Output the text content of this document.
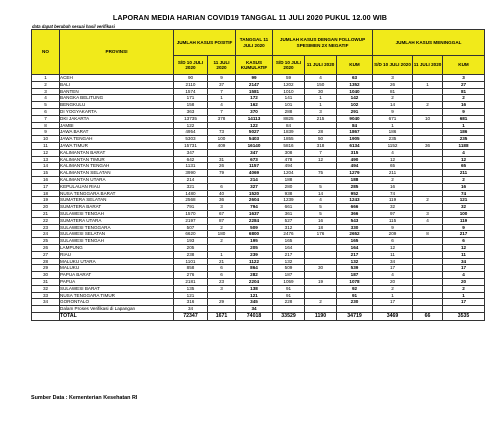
LAPORAN MEDIA HARIAN COVID19 TANGGAL 11 JULI 2020 PUKUL 12.00 WIB
data dapat berubah sesuai hasil verifikasi
NO	PROVINSI	JUMLAH KASUS POSITIF		TANGGAL 11 JULI 2020	JUMLAH KASUS DENGAN FOLLOWUP SPESIMEN 2X NEGATIF			JUMLAH KASUS MENINGGAL		
		S/D 10 JULI 2020	11 JULI 2020	KASUS KUMULATIF	S/D 10 JULI 2020	11 JULI 2020	KUM	S/D 10 JULI 2020	11 JULI 2020	KUM
1	ACEH	90	9	99	59	4	63	3		3
2	BALI	2110	37	2147	1202	150	1352	26	1	27
3	BANTEN	1574	7	1581	1010	30	1040	81		81
4	BANGKA BELITUNG	171	1	172	141	1	142	2		2
5	BENGKULU	158	4	162	101	1	102	14	2	16
6	DI YOGYAKARTA	363	7	370	288	3	291	9		9
7	DKI JAKARTA	13735	378	14113	8825	215	9040	671	10	681
8	JAMBI	122		122	84		84	1		1
9	JAWA BARAT	4954	73	5027	1839	28	1867	186		186
10	JAWA TENGAH	5303	100	5403	1855	50	1905	235		235
11	JAWA TIMUR	15731	409	16140	5816	318	6134	1152	36	1188
12	KALIMANTAN BARAT	347		347	308	7	315	4		4
13	KALIMANTAN TIMUR	642	31	673	478	12	490	12		12
14	KALIMANTAN TENGAH	1131	26	1157	494		494	65		65
15	KALIMANTAN SELATAN	3990	79	4069	1204	75	1279	211		211
16	KALIMANTAN UTARA	214		214	188		188	2		2
17	KEPULAUAN RIAU	321	6	327	280	5	285	16		16
18	NUSA TENGGARA BARAT	1480	40	1520	938	14	952	74		74
19	SUMATERA SELATAN	2568	36	2604	1239	4	1243	119	2	121
20	SUMATERA BARAT	791	3	794	661	5	666	32		32
21	SULAWESI TENGAH	1570	67	1637	361	5	366	97	3	100
22	SUMATERA UTARA	2197	87	2284	527	16	543	115	4	119
23	SULAWESI TENGGARA	507	2	509	312	18	330	9		9
24	SULAWESI SELATAN	6620	180	6800	2476	176	2652	209	8	217
25	SULAWESI TENGAH	193	2	195	165		165	6		6
26	LAMPUNG	205		205	164		164	12		12
27	RIAU	238	1	239	217		217	11		11
28	MALUKU UTARA	1101	21	1122	132		132	34		34
29	MALUKU	858	6	864	509	30	539	17		17
30	PAPUA BARAT	276	6	282	187		187	4		4
31	PAPUA	2181	23	2204	1059	19	1078	20		20
32	SULAWESI BARAT	135	3	138	91		92	2		2
33	NUSA TENGGARA TIMUR	121		121	91		91	1		1
34	GORONTALO	316	29	345	228	2	230	17		17
	Dalam Proses Verifikasi di Lapangan	34		34						
	TOTAL	72347	1671	74018	33529	1190	34719	3469	66	3535
Sumber Data : Kementerian Kesehatan RI
